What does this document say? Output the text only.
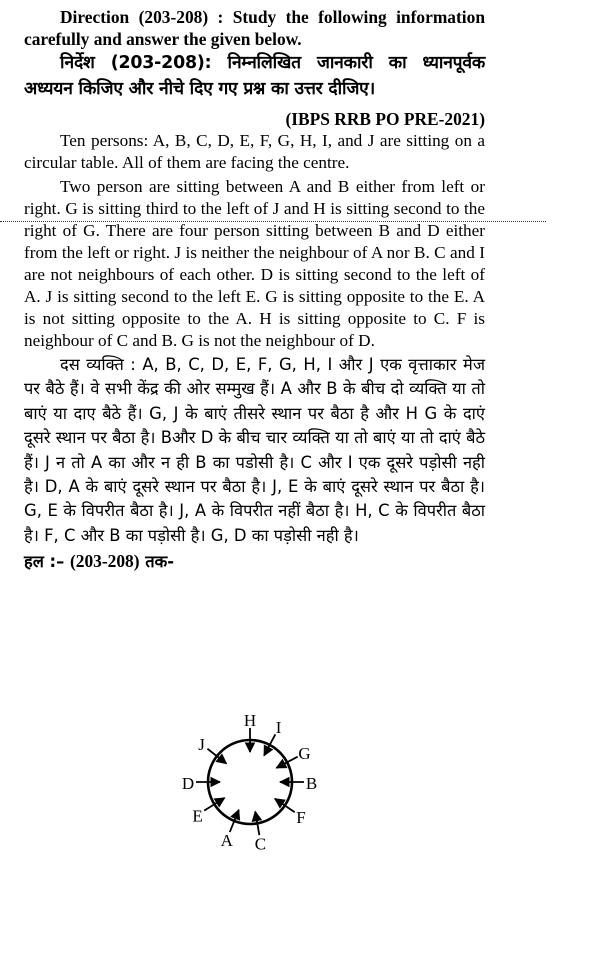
Direction (203-208) : Study the following information carefully and answer the given below.

निर्देश (203-208): निम्नलिखित जानकारी का ध्यानपूर्वक अध्ययन किजिए और नीचे दिए गए प्रश्न का उत्तर दीजिए।

(IBPS RRB PO PRE-2021)

Ten persons: A, B, C, D, E, F, G, H, I, and J are sitting on a circular table. All of them are facing the centre.

Two person are sitting between A and B either from left or right. G is sitting third to the left of J and H is sitting second to the right of G. There are four person sitting between B and D either from the left or right. J is neither the neighbour of A nor B. C and I are not neighbours of each other. D is sitting second to the left of A. J is sitting second to the left E. G is sitting opposite to the E. A is not sitting opposite to the A. H is sitting opposite to C. F is neighbour of C and B. G is not the neighbour of D.

दस व्यक्ति : A, B, C, D, E, F, G, H, I और J एक वृत्ताकार मेज पर बैठे हैं। वे सभी केंद्र की ओर सम्मुख हैं। A और B के बीच दो व्यक्ति या तो बाएं या दाए बैठे हैं। G, J के बाएं तीसरे स्थान पर बैठा है और H G के दाएं दूसरे स्थान पर बैठा है। Bऔर D के बीच चार व्यक्ति या तो बाएं या तो दाएं बैठे हैं। J न तो A का और न ही B का पडोसी है। C और I एक दूसरे पड़ोसी नही है। D, A के बाएं दूसरे स्थान पर बैठा है। J, E के बाएं दूसरे स्थान पर बैठा है। G, E के विपरीत बैठा है। J, A के विपरीत नहीं बैठा है। H, C के विपरीत बैठा है। F, C और B का पड़ोसी है। G, D का पड़ोसी नही है।

हल :– (203-208) तक-

H I
G
B
F
C
A
E
D
J
